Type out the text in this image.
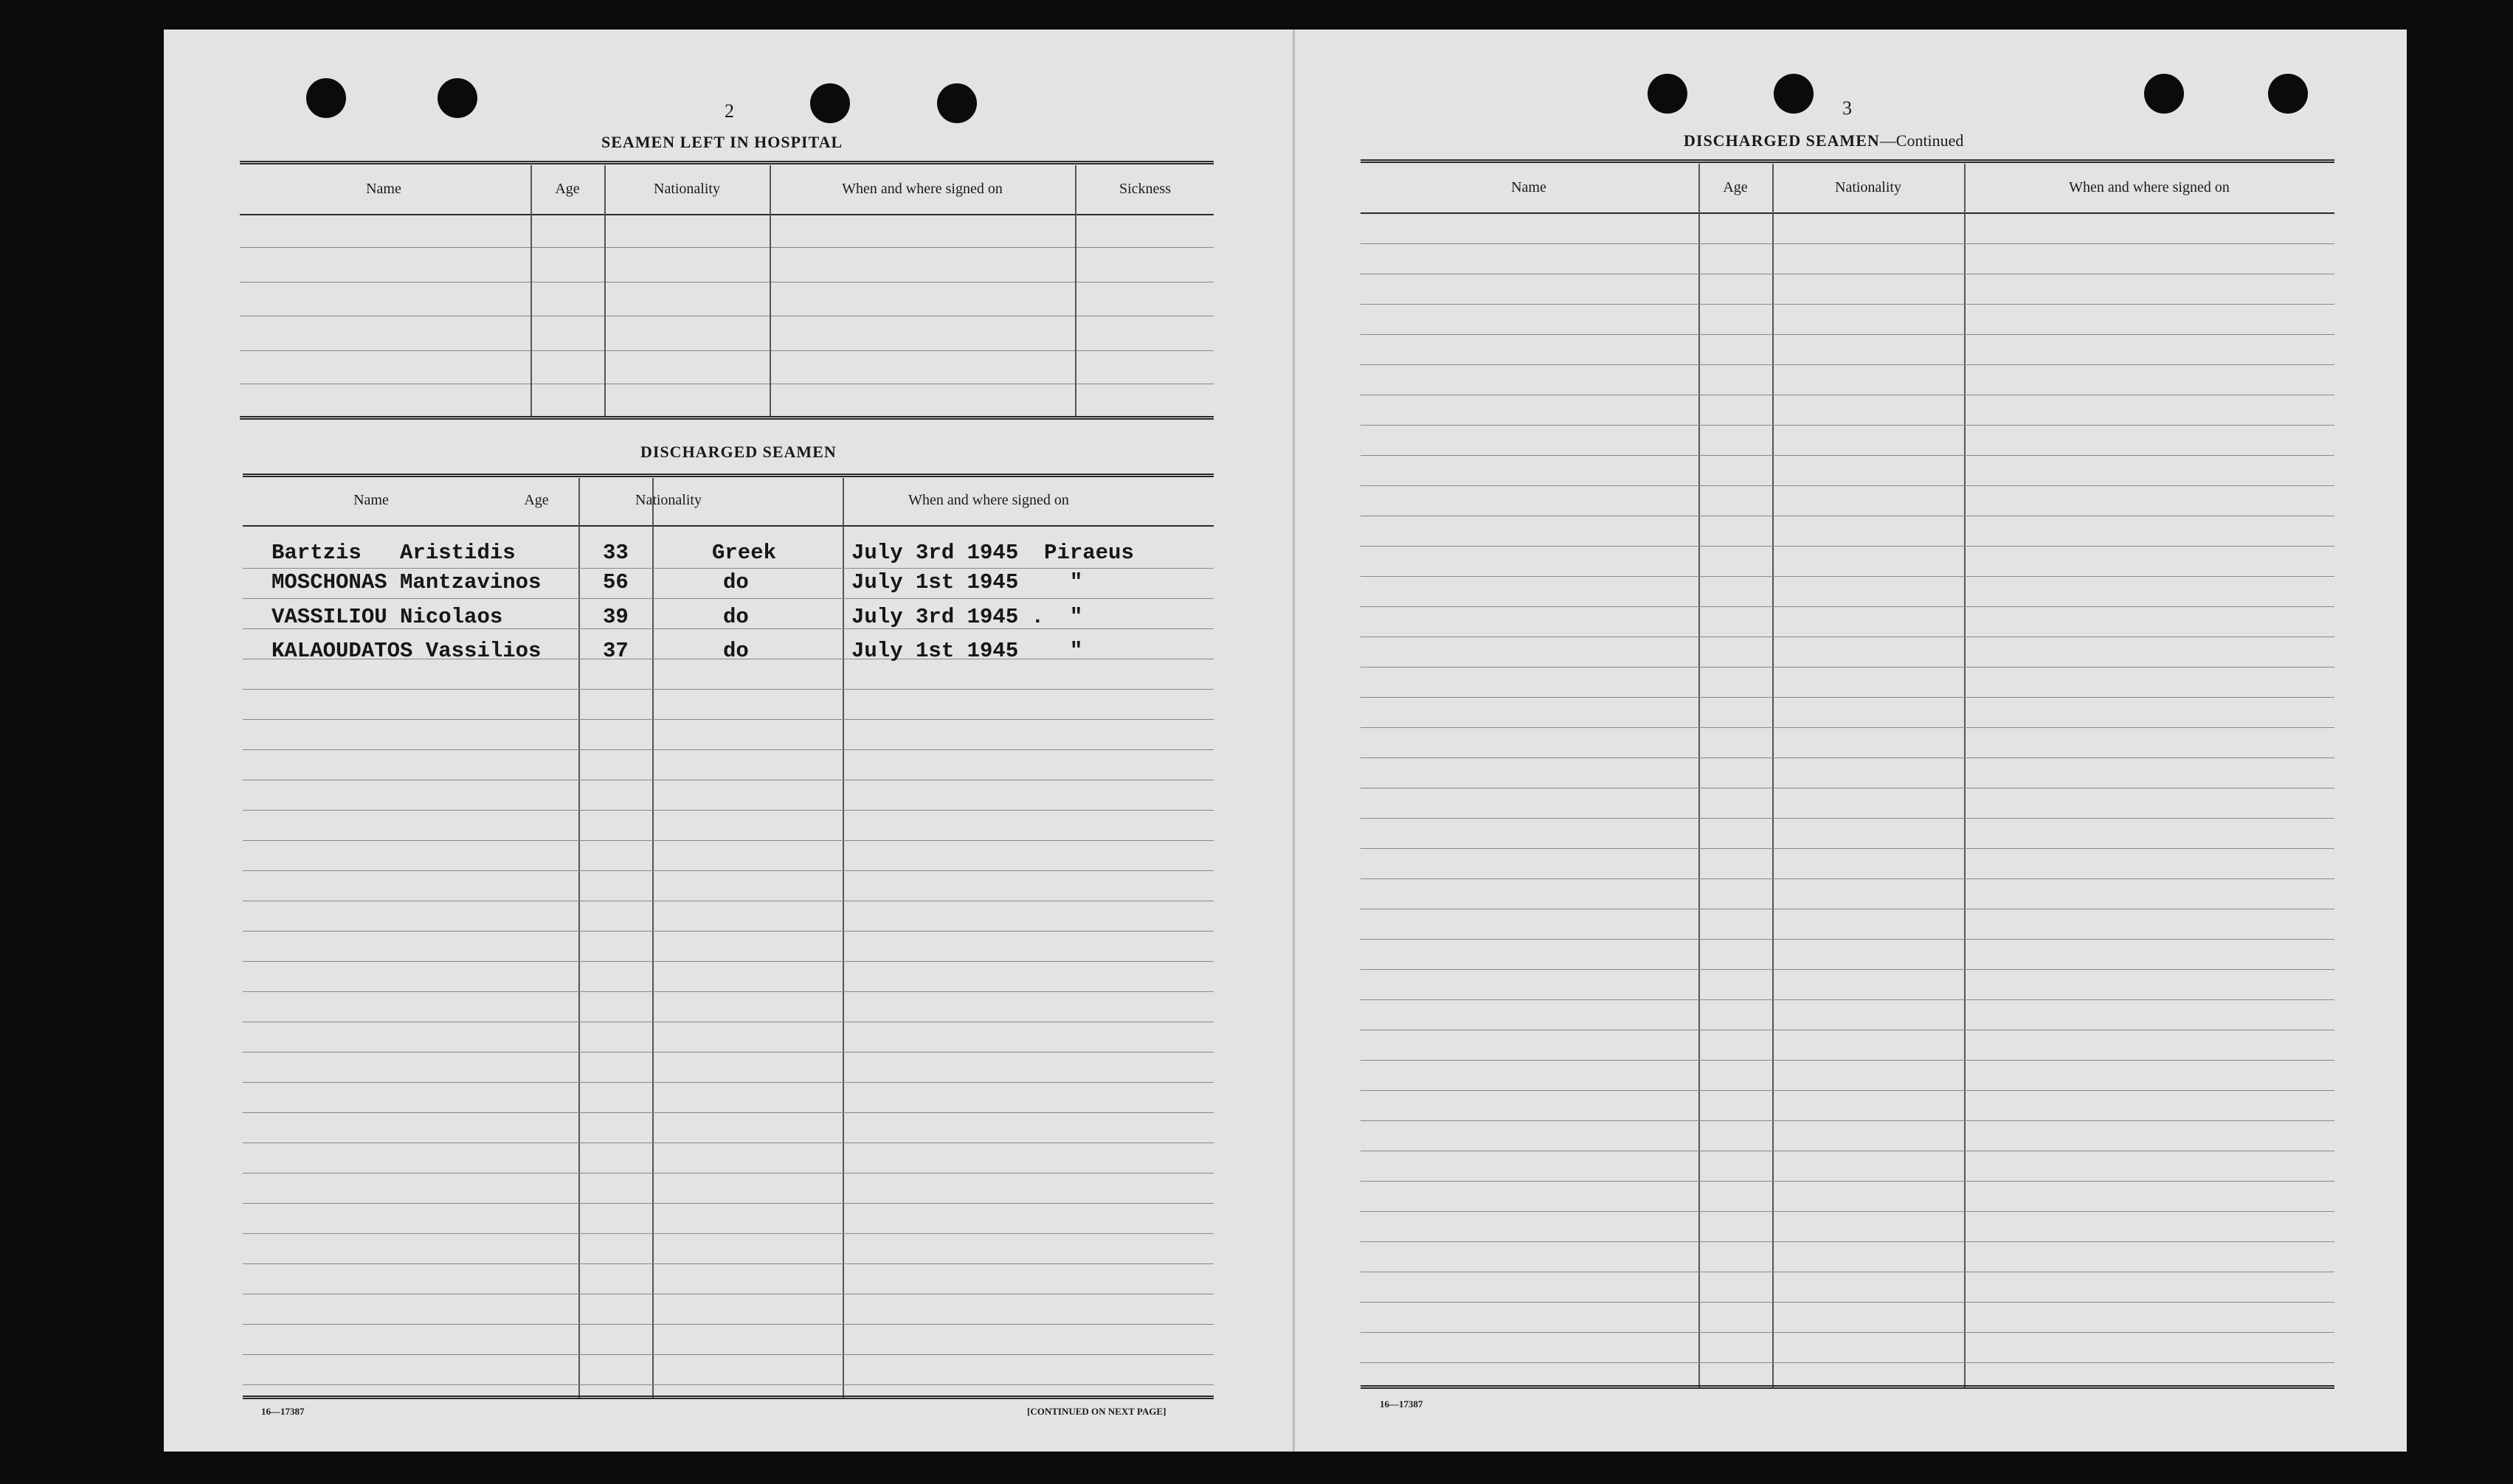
2
SEAMEN LEFT IN HOSPITAL
Name	Age	Nationality	When and where signed on	Sickness
DISCHARGED SEAMEN
Name	Age	Nationality	When and where signed on
Bartzis   Aristidis	33	Greek	July 3rd 1945  Piraeus
MOSCHONAS Mantzavinos	56	do	July 1st 1945    "
VASSILIOU Nicolaos	39	do	July 3rd 1945 .  "
KALAOUDATOS Vassilios	37	do	July 1st 1945    "
16—17387	[CONTINUED ON NEXT PAGE]
3
DISCHARGED SEAMEN—Continued
Name	Age	Nationality	When and where signed on
16—17387
